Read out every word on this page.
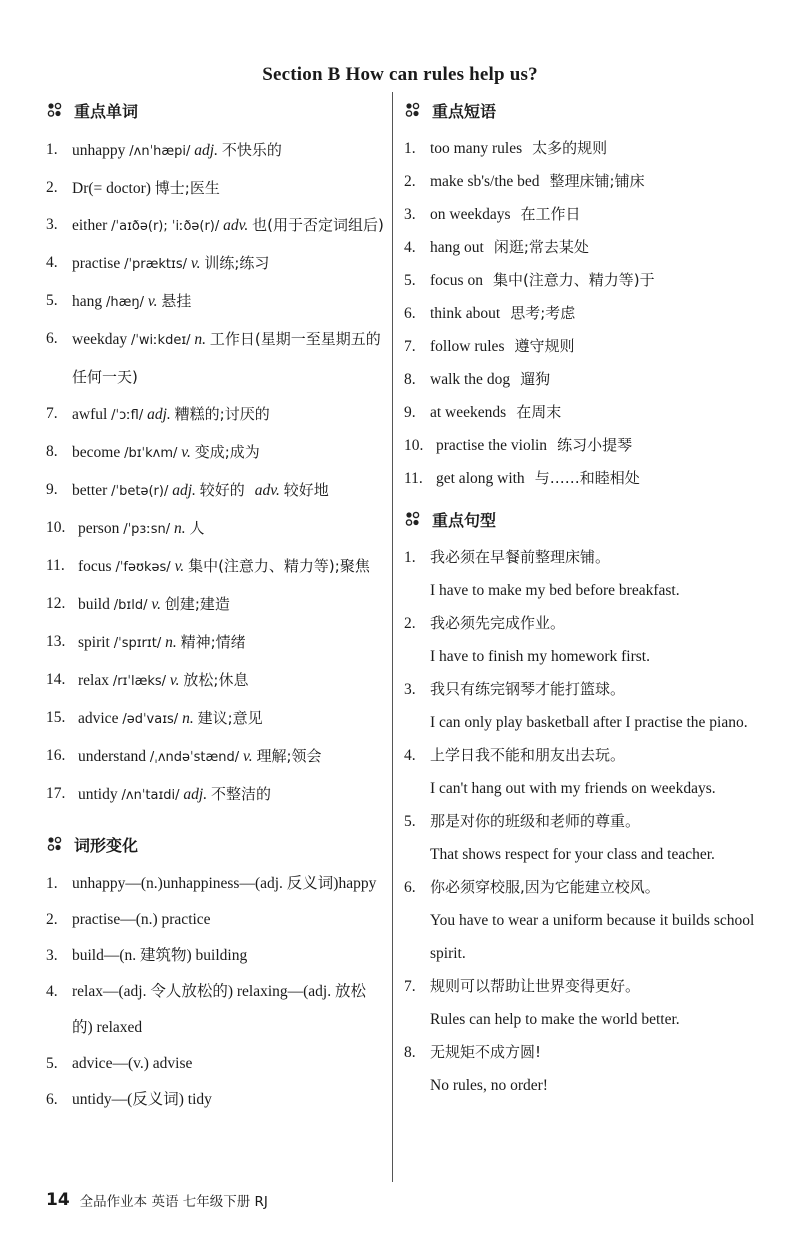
Section B How can rules help us?
重点单词
1. unhappy /ʌnˈhæpi/ adj. 不快乐的
2. Dr(= doctor) 博士;医生
3. either /ˈaɪðə(r); ˈiːðə(r)/ adv. 也(用于否定词组后)
4. practise /ˈpræktɪs/ v. 训练;练习
5. hang /hæŋ/ v. 悬挂
6. weekday /ˈwiːkdeɪ/ n. 工作日(星期一至星期五的任何一天)
7. awful /ˈɔːfl/ adj. 糟糕的;讨厌的
8. become /bɪˈkʌm/ v. 变成;成为
9. better /ˈbetə(r)/ adj. 较好的 adv. 较好地
10. person /ˈpɜːsn/ n. 人
11. focus /ˈfəʊkəs/ v. 集中(注意力、精力等);聚焦
12. build /bɪld/ v. 创建;建造
13. spirit /ˈspɪrɪt/ n. 精神;情绪
14. relax /rɪˈlæks/ v. 放松;休息
15. advice /ədˈvaɪs/ n. 建议;意见
16. understand /ˌʌndəˈstænd/ v. 理解;领会
17. untidy /ʌnˈtaɪdi/ adj. 不整洁的
词形变化
1. unhappy—(n.)unhappiness—(adj. 反义词)happy
2. practise—(n.) practice
3. build—(n. 建筑物) building
4. relax—(adj. 令人放松的) relaxing—(adj. 放松的) relaxed
5. advice—(v.) advise
6. untidy—(反义词) tidy
重点短语
1. too many rules 太多的规则
2. make sb's/the bed 整理床铺;铺床
3. on weekdays 在工作日
4. hang out 闲逛;常去某处
5. focus on 集中(注意力、精力等)于
6. think about 思考;考虑
7. follow rules 遵守规则
8. walk the dog 遛狗
9. at weekends 在周末
10. practise the violin 练习小提琴
11. get along with 与……和睦相处
重点句型
1. 我必须在早餐前整理床铺。
I have to make my bed before breakfast.
2. 我必须先完成作业。
I have to finish my homework first.
3. 我只有练完钢琴才能打篮球。
I can only play basketball after I practise the piano.
4. 上学日我不能和朋友出去玩。
I can't hang out with my friends on weekdays.
5. 那是对你的班级和老师的尊重。
That shows respect for your class and teacher.
6. 你必须穿校服,因为它能建立校风。
You have to wear a uniform because it builds school spirit.
7. 规则可以帮助让世界变得更好。
Rules can help to make the world better.
8. 无规矩不成方圆!
No rules, no order!
14 全品作业本 英语 七年级下册 RJ
